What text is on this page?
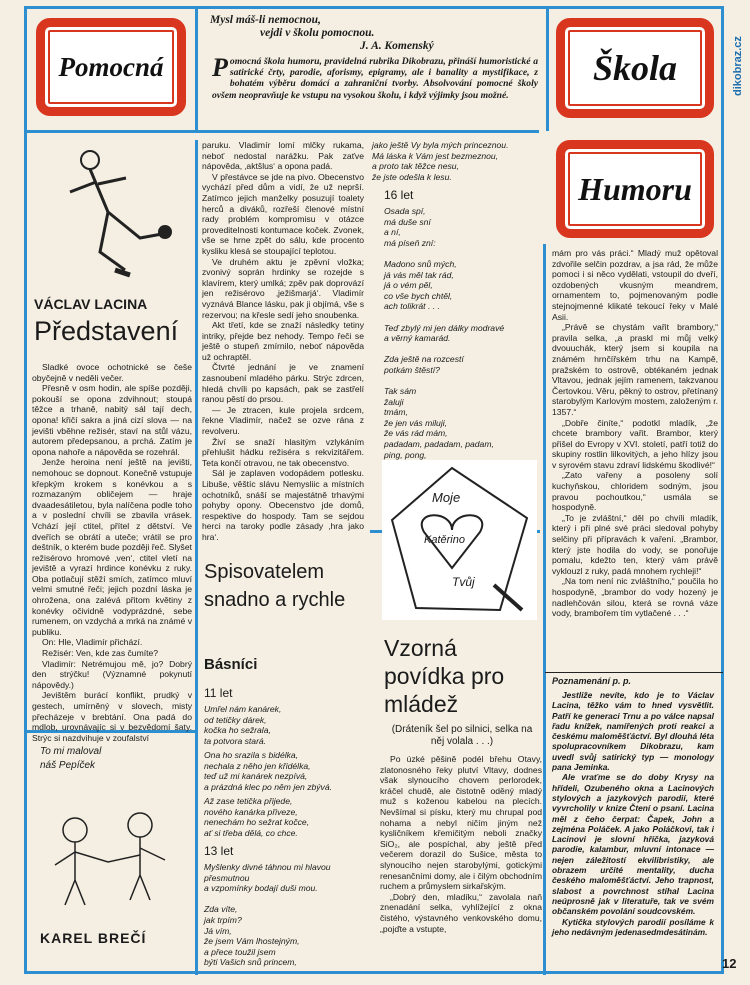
dikobraz.cz
Pomocná	Škola
Humoru
Mysl máš-li nemocnou,
vejdi v školu pomocnou.
J. A. Komenský
Pomocná škola humoru, pravidelná rubrika Dikobrazu, přináší humoristické a satirické črty, parodie, aforismy, epigramy, ale i banality a mystifikace, z bohatém výběru domácí a zahraniční tvorby. Absolvování pomocné školy ovšem neopravňuje ke vstupu na vysokou školu, i když výjimky jsou možné.
VÁCLAV LACINA
Představení

Sladké ovoce ochotnické se češe obyčejně v neděli večer.

Přesně v osm hodin, ale spíše později, pokouší se opona zdvihnout; stoupá těžce a trhaně, nabitý sál tají dech, opona! křičí sakra a jiná cizí slova — na jevišti vběhne režisér, staví na stůl vázu, autorem předepsanou, a prchá. Zatím je opona nahoře a nápověda se rozehrál.

Jenže heroina není ještě na jevišti, nemohouc se dopnout. Konečně vstupuje křepkým krokem s konévkou a s rozmazaným obličejem — hraje dvaadesátiletou, byla nalíčena podle toho a v poslední chvíli se zbavila vrásek. Vchází její ctitel, přítel z dětství. Ve dveřích se obrátí a uteče; vrátil se pro deštník, o kterém bude později řeč. Slyšet režisérovo hromové ‚ven‘, ctitel vletí na jeviště a vyrazí hrdince konévku z ruky. Oba potlačují stěží smích, zatímco mluví velmi smutné řeči; jejich pozdní láska je ohrožena, ona zalévá přitom květiny z konévky očividně vodyprázdné, sebe rumenem, on vzdychá a mrká na známé v publiku.

On: Hle, Vladimír přichází.

Režisér: Ven, kde zas čumíte?

Vladimír: Netrémujou mě, jo? Dobrý den strýčku! (Významné pokynutí nápovědy.)

Jevištěm burácí konflikt, prudký v gestech, umírněný v slovech, misty přecházeje v brebtání. Ona padá do mdlob, urovnávajíc si v bezvědomí šaty. Strýc si nazdvihuje v zoufalství

paruku. Vladimír lomí mlčky rukama, neboť nedostal narážku. Pak zaťve nápověda, ‚aktšlus‘ a opona padá.

V přestávce se jde na pivo. Obecenstvo vychází před dům a vidí, že už neprší. Zatímco jejich manželky posuzují toalety herců a diváků, rozřeší členové místní rady problém kompromisu v otázce provediteInosti kontumace koček. Zvonek, vše se hrne zpět do sálu, kde procento kysliku klesá se stoupající teplotou.

Ve druhém aktu je zpěvní vložka; zvonivý soprán hrdinky se rozejde s klavírem, který umlká; zpěv pak doprovází jen režisérovo ‚ježišmarjá‘. Vladimír vyznává Blance lásku, pak ji objímá, vše s rezervou; na křesle sedí jeho snoubenka.

Akt třetí, kde se znaží následky tetiny intriky, přejde bez nehody. Tempo řeči se ještě o stupeň zmírnilo, neboť nápověda už ochraptěl.

Čtvrté jednání je ve znamení zasnoubení mladého párku. Strýc zdrcen, hledá chvíli po kapsách, pak se zastřelí ranou pěstí do prsou.

— Je ztracen, kule projela srdcem, řekne Vladimír, načež se ozve rána z revolveru.

Živí se snaží hlasitým vzlykáním přehlušit hádku režiséra s rekvizitářem. Teta končí otravou, ne tak obecenstvo.

Sál je zaplaven vodopádem potlesku. Libuše, věštíc slávu Nemysliic a místních ochotníků, snáší se majestátně trhavými pohyby opony. Obecenstvo jde domů, respektive do hospody. Tam se sejdou herci na taroky podle zásady ‚hra jako hra‘.

Spisovatelem snadno a rychle
Básníci
11 let
Umřel nám kanárek,
od tetičky dárek,
kočka ho sežrala,
ta potvora stará.
Ona ho srazila s bidélka,
nechala z něho jen křidélka,
teď už mi kanárek nezpívá,
a prázdná klec po něm jen zbývá.
Až zase tetička přijede,
nového kanárka přiveze,
nenechám ho sežrat kočce,
ať si třeba dělá, co chce.
13 let
Myšlenky divné táhnou mi hlavou
přesmutnou
a vzpomínky bodají duši mou.

Zda víte,
jak trpím?
Já vím,
že jsem Vám lhostejným,
a přece toužil jsem
býti Vašich snů princem,
jako ještě Vy byla mých princeznou.
Má láska k Vám jest bezmeznou,
a proto tak těžce nesu,
že jste odešla k lesu.
16 let
Osada spí,
má duše sní
a ní,
má píseň zní:

Madono snů mých,
já vás měl tak rád,
já o vém pěl,
co vše bych chtěl,
ach tolikrát . . .

Teď zbylý mi jen dálky modravé
a věrný kamarád.

Zda ještě na rozcestí
potkám štěstí?

Tak sám
žaluji
tmám,
že jen vás miluji,
že vás rád mám,
padadam, padadam, padam,
ping, pong,

Moje
Katěrino
Tvůj
Vzorná povídka pro mládež
(Dráteník šel po silnici, selka na něj volala . . .)

Po úzké pěšině podél břehu Otavy, zlatonosného řeky plutví Vltavy, dodnes však slynoucího chovem perlorodek, kráčel chudě, ale čistotně oděný mladý muž s koženou kabelou na plecích. Nevšímal si písku, který mu chrupal pod nohama a nebyl ničím jiným než kysličníkem křemičitým neboli značky SiO₂, ale pospíchal, aby ještě před večerem dorazil do Sušice, města to slynoucího nejen starobylými, gotickými renesančními domy, ale i čilým obchodním ruchem a průmyslem sirkařským.

„Dobrý den, mladíku,“ zavolala naň znenadání selka, vyhlížející z okna čistého, výstavného venkovského domu, „pojďte a vstupte,

mám pro vás práci.“ Mladý muž opětoval zdvořile selčin pozdrav, a jsa rád, že může pomoci i si něco vydělati, vstoupil do dveří, ozdobených vkusným meandrem, ornamentem to, pojmenovaným podle stejnojmenné klikaté tekoucí řeky v Malé Asii.

„Právě se chystám vařit brambory,“ pravila selka, „a praskl mi můj velký dvouuchák, který jsem si koupila na známém hrnčířském trhu na Kampě, pražském to ostrově, obtékaném jednak Vltavou, jednak jejím ramenem, takzvanou Čertovkou. Věru, pěkný to ostrov, přetínaný starobylým Karlovým mostem, založeným r. 1357.“

„Dobře činíte,“ podotkl mladík, „že chcete brambory vařit. Brambor, který přišel do Evropy v XVI. století, patří totiž do skupiny rostlin lilkovitých, a jeho hlízy jsou v syrovém stavu zdraví lidskému škodlivé!“

„Zato vařeny a posoleny solí kuchyňskou, chloridem sodným, jsou pravou pochoutkou,“ usmála se hospodyně.

„To je zvláštní,“ děl po chvíli mladík, který i při plné své práci sledoval pohyby selčiny při přípravách k vaření. „Brambor, který jste hodila do vody, se ponořuje pomalu, kdežto ten, který vám právě vyklouzl z ruky, padá mnohem rychleji!“

„Na tom není nic zvláštního,“ poučila ho hospodyně, „brambor do vody hozený je nadlehčován silou, která se rovná váze vody, brambořem tím vytlačené . . .“

Poznamenání p. p.

Jestliže nevíte, kdo je to Václav Lacina, těžko vám to hned vysvětlit. Patří ke generaci Trnu a po válce napsal řadu knížek, namířených proti reakci a českému maloměšťáctví. Byl dlouhá léta spolupracovníkem Dikobrazu, kam uvedl svůj satirický typ — monology pana Jeminka.

Ale vraťme se do doby Krysy na hřídeli, Ozubeného okna a Lacinových stylových a jazykových parodií, které vyvrcholily v knize Čtení o psaní. Lacina měl z čeho čerpat: Čapek, John a zejména Poláček. A jako Poláčkovi, tak i Lacinovi je slovní hříčka, jazyková parodie, kalambur, mluvní intonace — nejen záležitostí ekvilibristiky, ale obrazem určité mentality, ducha českého maloměšťáctví. Jeho trapnost, slabost a povrchnost stíhal Lacina neúprosně jak v literatuře, tak ve svém občanském povolání soudcovském.

Kytička stylových parodií posíláme k jeho nedávným jedenasedmdesátinám.

12
To mi maloval
náš Pepíček
KAREL BREČÍ
